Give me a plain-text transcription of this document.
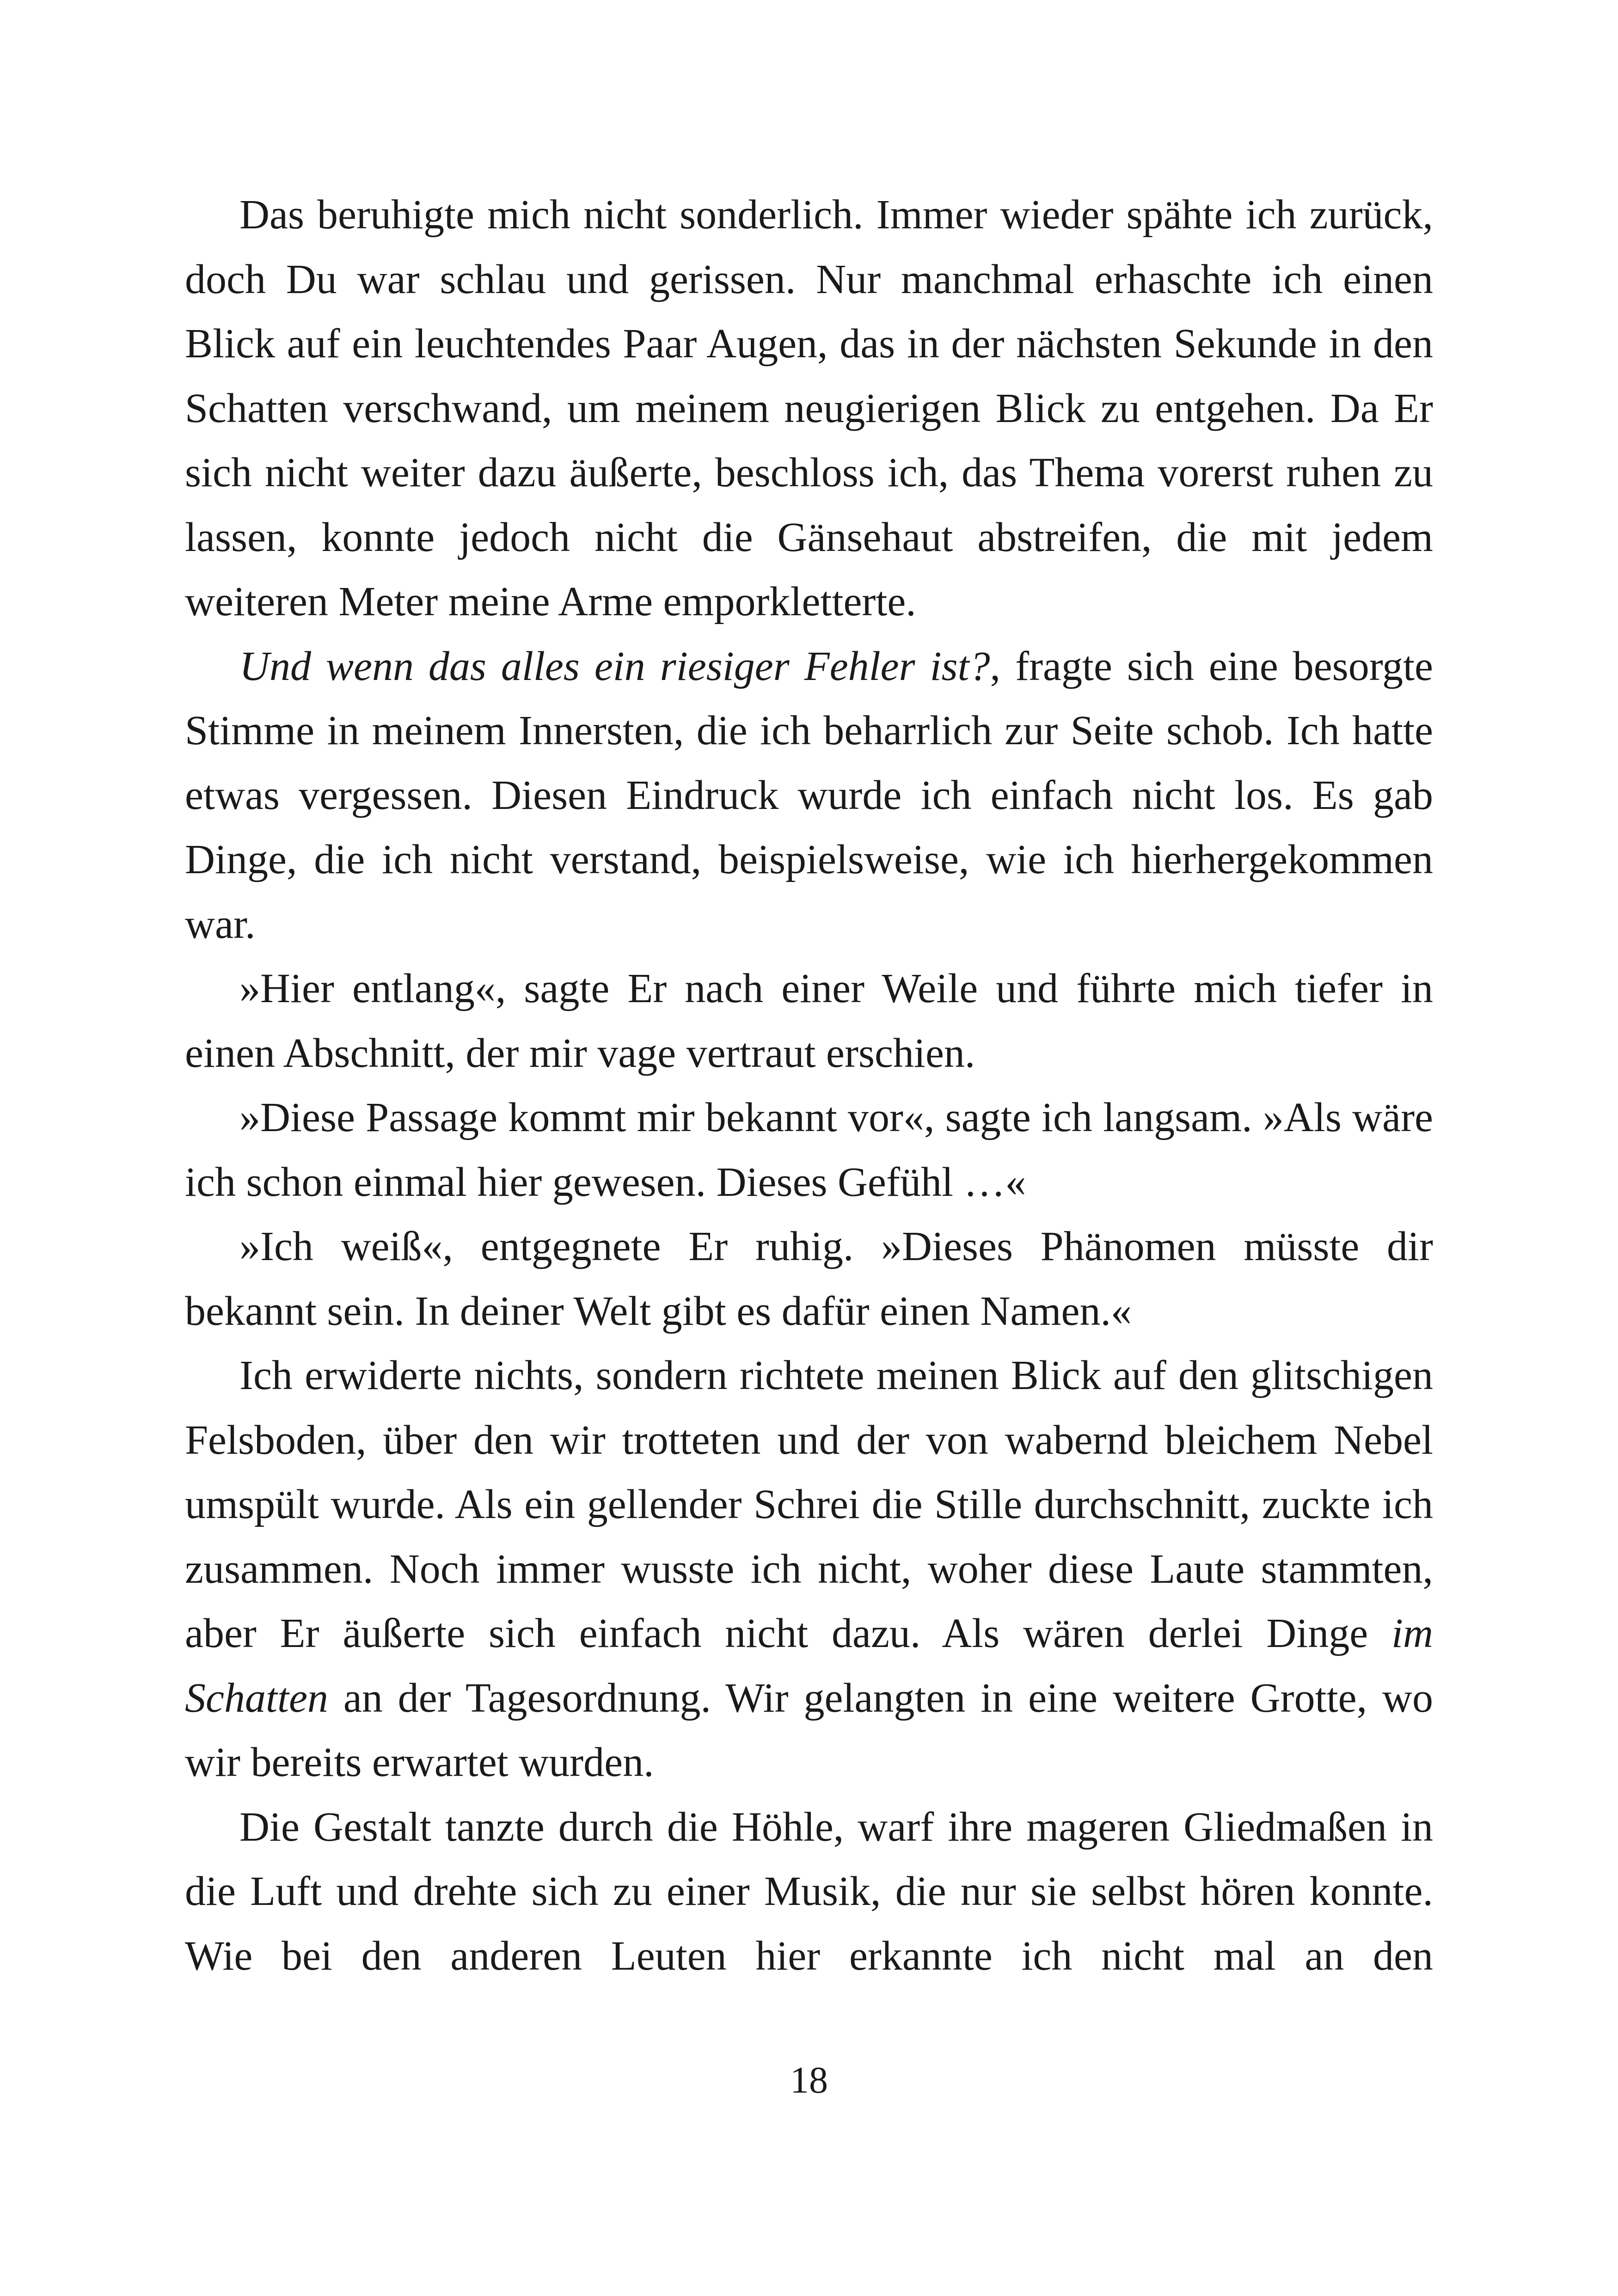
Das beruhigte mich nicht sonderlich. Immer wieder spähte ich zurück, doch Du war schlau und gerissen. Nur manchmal erhaschte ich einen Blick auf ein leuchtendes Paar Augen, das in der nächsten Sekunde in den Schatten verschwand, um meinem neugierigen Blick zu entgehen. Da Er sich nicht weiter dazu äußerte, beschloss ich, das Thema vorerst ruhen zu lassen, konnte jedoch nicht die Gänsehaut abstreifen, die mit jedem weiteren Meter meine Arme emporkletterte.

Und wenn das alles ein riesiger Fehler ist?, fragte sich eine besorgte Stimme in meinem Innersten, die ich beharrlich zur Seite schob. Ich hatte etwas vergessen. Diesen Eindruck wurde ich einfach nicht los. Es gab Dinge, die ich nicht verstand, beispielsweise, wie ich hierhergekommen war.

»Hier entlang«, sagte Er nach einer Weile und führte mich tiefer in einen Abschnitt, der mir vage vertraut erschien.

»Diese Passage kommt mir bekannt vor«, sagte ich langsam. »Als wäre ich schon einmal hier gewesen. Dieses Gefühl …«

»Ich weiß«, entgegnete Er ruhig. »Dieses Phänomen müsste dir bekannt sein. In deiner Welt gibt es dafür einen Namen.«

Ich erwiderte nichts, sondern richtete meinen Blick auf den glitschigen Felsboden, über den wir trotteten und der von wabernd bleichem Nebel umspült wurde. Als ein gellender Schrei die Stille durchschnitt, zuckte ich zusammen. Noch immer wusste ich nicht, woher diese Laute stammten, aber Er äußerte sich einfach nicht dazu. Als wären derlei Dinge im Schatten an der Tagesordnung. Wir gelangten in eine weitere Grotte, wo wir bereits erwartet wurden.

Die Gestalt tanzte durch die Höhle, warf ihre mageren Gliedmaßen in die Luft und drehte sich zu einer Musik, die nur sie selbst hören konnte. Wie bei den anderen Leuten hier erkannte ich nicht mal an den

18
